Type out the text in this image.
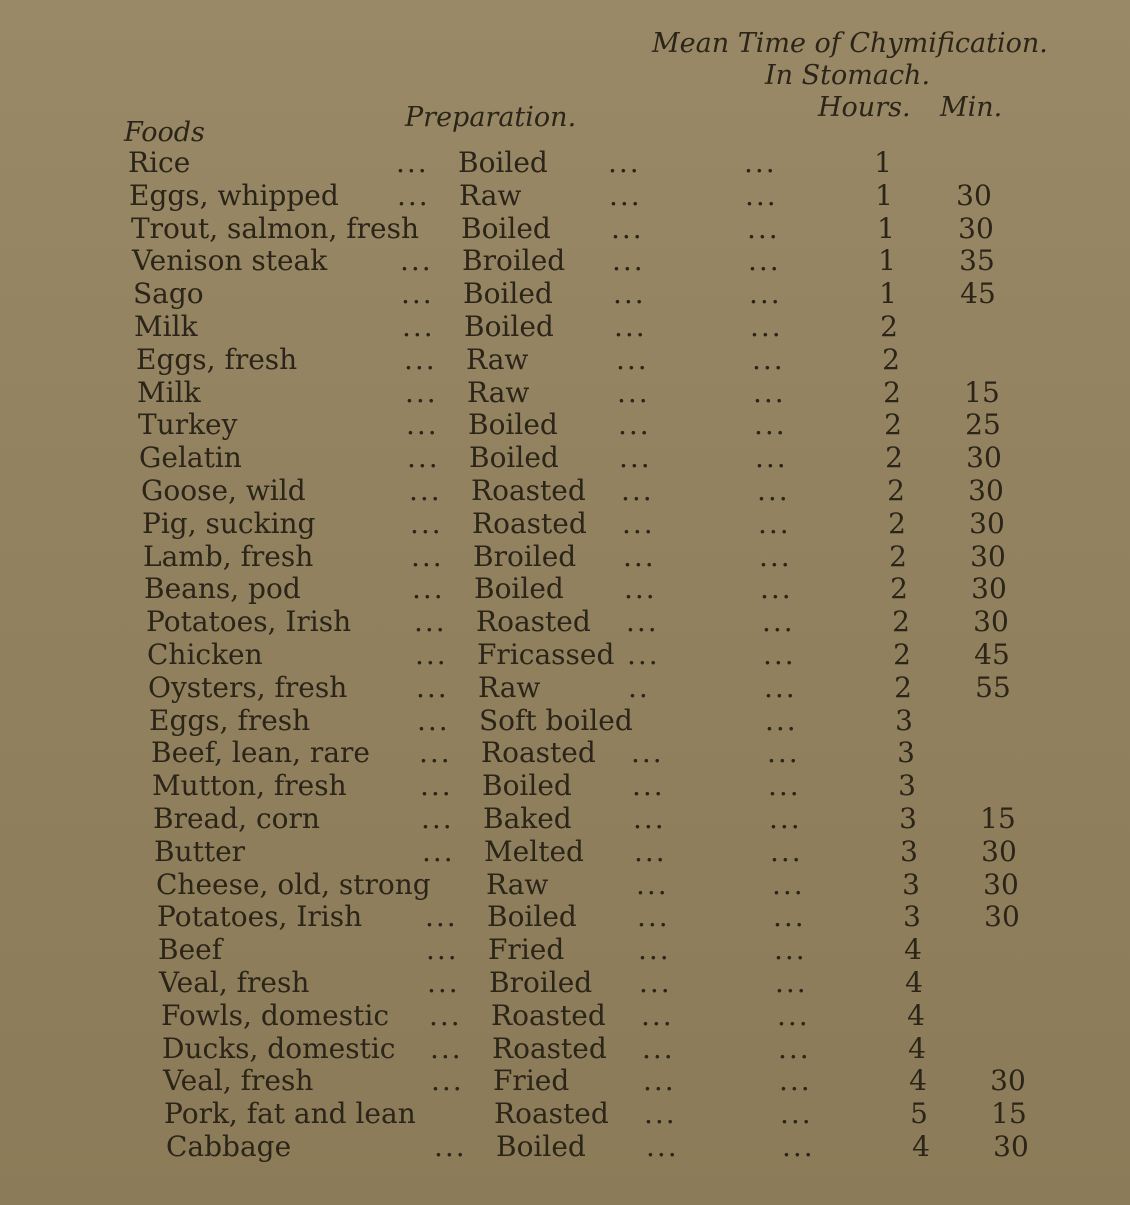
Mean Time of Chymification.
In Stomach.
Foods	Preparation.	Hours. Min.
Rice	... Boiled ...	...	1
Eggs, whipped ... Raw	...	...	1 30
Trout, salmon, fresh Boiled ...	...	1 30
Venison steak	... Broiled ...	...	1 35
Sago	... Boiled ...	...	1 45
Milk	... Boiled ...	...	2
Eggs, fresh	... Raw	...	...	2
Milk	... Raw	...	...	2 15
Turkey	... Boiled ...	...	2 25
Gelatin	... Boiled ...	...	2 30
Goose, wild	... Roasted ...	...	2 30
Pig, sucking	... Roasted ...	...	2 30
Lamb, fresh	... Broiled ...	...	2 30
Beans, pod	... Boiled ...	...	2 30
Potatoes, Irish ... Roasted ...	...	2 30
Chicken	... Fricassed ...	...	2 45
Oysters, fresh ... Raw	..	...	2 55
Eggs, fresh	... Soft boiled	...	3
Beef, lean, rare ... Roasted ...	...	3
Mutton, fresh	... Boiled ...	...	3
Bread, corn	... Baked ...	...	3 15
Butter	... Melted ...	...	3 30
Cheese, old, strong Raw	...	...	3 30
Potatoes, Irish ... Boiled ...	...	3 30
Beef	... Fried	...	...	4
Veal, fresh	... Broiled ...	...	4
Fowls, domestic ... Roasted ...	...	4
Ducks, domestic ... Roasted ...	...	4
Veal, fresh	... Fried	...	...	4 30
Pork, fat and lean	Roasted ...	...	5 15
Cabbage	... Boiled ...	...	4 30
